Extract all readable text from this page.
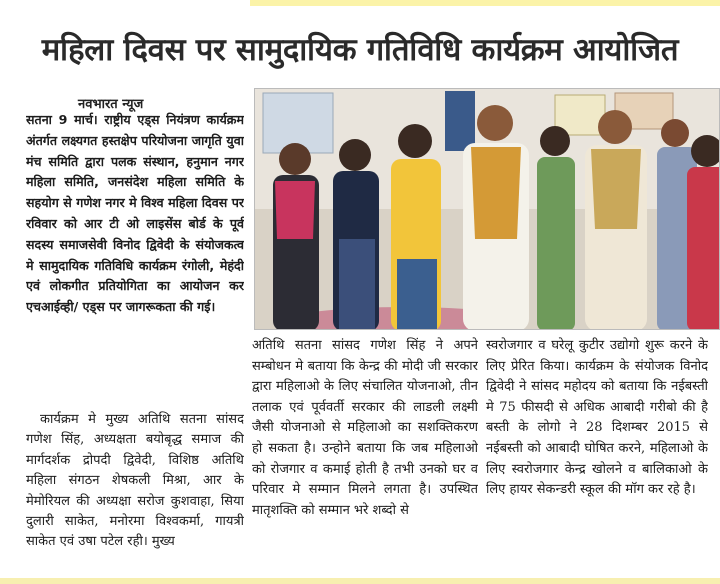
महिला दिवस पर सामुदायिक गतिविधि कार्यक्रम आयोजित
नवभारत न्यूज
सतना 9 मार्च। राष्ट्रीय एड्स नियंत्रण कार्यक्रम अंतर्गत लक्ष्यगत हस्तक्षेप परियोजना जागृति युवा मंच समिति द्वारा पलक संस्थान, हनुमान नगर महिला समिति, जनसंदेश महिला समिति के सहयोग से गणेश नगर मे विश्व महिला दिवस पर रविवार को आर टी ओ लाइसेंस बोर्ड के पूर्व सदस्य समाजसेवी विनोद द्विवेदी के संयोजकत्व मे सामुदायिक गतिविधि कार्यक्रम रंगोली, मेहंदी एवं लोकगीत प्रतियोगिता का आयोजन कर एचआईव्ही/ एड्स पर जागरूकता की गई।
कार्यक्रम मे मुख्य अतिथि सतना सांसद गणेश सिंह, अध्यक्षता बयोबृद्ध समाज की मार्गदर्शक द्रोपदी द्विवेदी, विशिष्ठ अतिथि महिला संगठन शेषकली मिश्रा, आर के मेमोरियल की अध्यक्षा सरोज कुशवाहा, सिया दुलारी साकेत, मनोरमा विश्वकर्मा, गायत्री साकेत एवं उषा पटेल रही। मुख्य
अतिथि सतना सांसद गणेश सिंह ने अपने सम्बोधन मे बताया कि केन्द्र की मोदी जी सरकार द्वारा महिलाओ के लिए संचालित योजनाओ, तीन तलाक एवं पूर्ववर्ती सरकार की लाडली लक्ष्मी जैसी योजनाओ से महिलाओ का सशक्तिकरण हो सकता है। उन्होने बताया कि जब महिलाओ को रोजगार व कमाई होती है तभी उनको घर व परिवार मे सम्मान मिलने लगता है। उपस्थित मातृशक्ति को सम्मान भरे शब्दो से
स्वरोजगार व घरेलू कुटीर उद्योगो शुरू करने के लिए प्रेरित किया। कार्यक्रम के संयोजक विनोद द्विवेदी ने सांसद महोदय को बताया कि नईबस्ती मे 75 फीसदी से अधिक आबादी गरीबो की है बस्ती के लोगो ने 28 दिशम्बर 2015 से नईबस्ती को आबादी घोषित करने, महिलाओ के लिए स्वरोजगार केन्द्र खोलने व बालिकाओ के लिए हायर सेकन्डरी स्कूल की मॉग कर रहे है।
